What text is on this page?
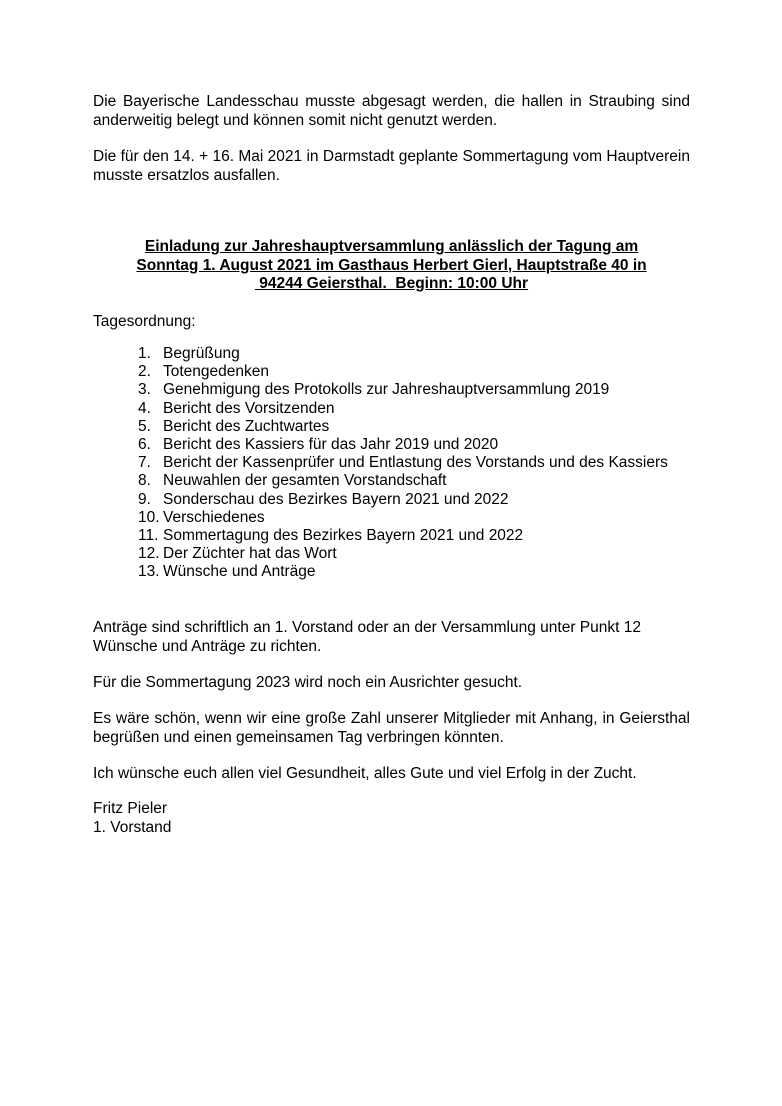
Die Bayerische Landesschau musste abgesagt werden, die hallen in Straubing sind anderweitig belegt und können somit nicht genutzt werden.

Die für den 14. + 16. Mai 2021 in Darmstadt geplante Sommertagung vom Hauptverein musste ersatzlos ausfallen.

Einladung zur Jahreshauptversammlung anlässlich der Tagung am
Sonntag 1. August 2021 im Gasthaus Herbert Gierl, Hauptstraße 40 in
94244 Geiersthal.  Beginn: 10:00 Uhr
Tagesordnung:
1. Begrüßung
2. Totengedenken
3. Genehmigung des Protokolls zur Jahreshauptversammlung 2019
4. Bericht des Vorsitzenden
5. Bericht des Zuchtwartes
6. Bericht des Kassiers für das Jahr 2019 und 2020
7. Bericht der Kassenprüfer und Entlastung des Vorstands und des Kassiers
8. Neuwahlen der gesamten Vorstandschaft
9. Sonderschau des Bezirkes Bayern 2021 und 2022
10. Verschiedenes
11. Sommertagung des Bezirkes Bayern 2021 und 2022
12. Der Züchter hat das Wort
13. Wünsche und Anträge
Anträge sind schriftlich an 1. Vorstand oder an der Versammlung unter Punkt 12
Wünsche und Anträge zu richten.
Für die Sommertagung 2023 wird noch ein Ausrichter gesucht.

Es wäre schön, wenn wir eine große Zahl unserer Mitglieder mit Anhang, in Geiersthal begrüßen und einen gemeinsamen Tag verbringen könnten.

Ich wünsche euch allen viel Gesundheit, alles Gute und viel Erfolg in der Zucht.
Fritz Pieler
1. Vorstand
